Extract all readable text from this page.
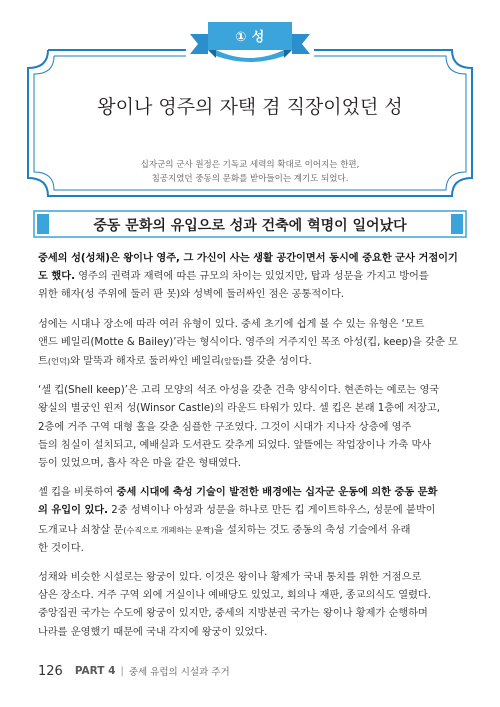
① 성
왕이나 영주의 자택 겸 직장이었던 성
십자군의 군사 원정은 기독교 세력의 확대로 이어지는 한편,
침공지였던 중동의 문화를 받아들이는 계기도 되었다.
중동 문화의 유입으로 성과 건축에 혁명이 일어났다
중세의 성(성채)은 왕이나 영주, 그 가신이 사는 생활 공간이면서 동시에 중요한 군사 거점이기
도 했다. 영주의 권력과 재력에 따른 규모의 차이는 있었지만, 탑과 성문을 가지고 방어를
위한 해자(성 주위에 둘러 판 못)와 성벽에 둘러싸인 점은 공통적이다.
성에는 시대나 장소에 따라 여러 유형이 있다. 중세 초기에 쉽게 볼 수 있는 유형은 ‘모트
앤드 베일리(Motte & Bailey)’라는 형식이다. 영주의 거주지인 목조 아성(킵, keep)을 갖춘 모
트(언덕)와 말뚝과 해자로 둘러싸인 베일리(앞뜰)를 갖춘 성이다.
‘셀 킵(Shell keep)’은 고리 모양의 석조 아성을 갖춘 건축 양식이다. 현존하는 예로는 영국
왕실의 별궁인 윈저 성(Winsor Castle)의 라운드 타워가 있다. 셀 킵은 본래 1층에 저장고,
2층에 거주 구역 대형 홀을 갖춘 심플한 구조였다. 그것이 시대가 지나자 상층에 영주
들의 침실이 설치되고, 예배실과 도서관도 갖추게 되었다. 앞뜰에는 작업장이나 가축 막사
등이 있었으며, 흡사 작은 마을 같은 형태였다.
셸 킵을 비롯하여 중세 시대에 축성 기술이 발전한 배경에는 십자군 운동에 의한 중동 문화
의 유입이 있다. 2중 성벽이나 아성과 성문을 하나로 만든 킵 게이트하우스, 성문에 붙박이
도개교나 쇠창살 문(수직으로 개폐하는 문짝)을 설치하는 것도 중동의 축성 기술에서 유래
한 것이다.
성채와 비슷한 시설로는 왕궁이 있다. 이것은 왕이나 황제가 국내 통치를 위한 거점으로
삼은 장소다. 거주 구역 외에 거실이나 예배당도 있었고, 회의나 재판, 종교의식도 열렸다.
중앙집권 국가는 수도에 왕궁이 있지만, 중세의 지방분권 국가는 왕이나 황제가 순행하며
나라를 운영했기 때문에 국내 각지에 왕궁이 있었다.
126 PART 4 | 중세 유럽의 시설과 주거
